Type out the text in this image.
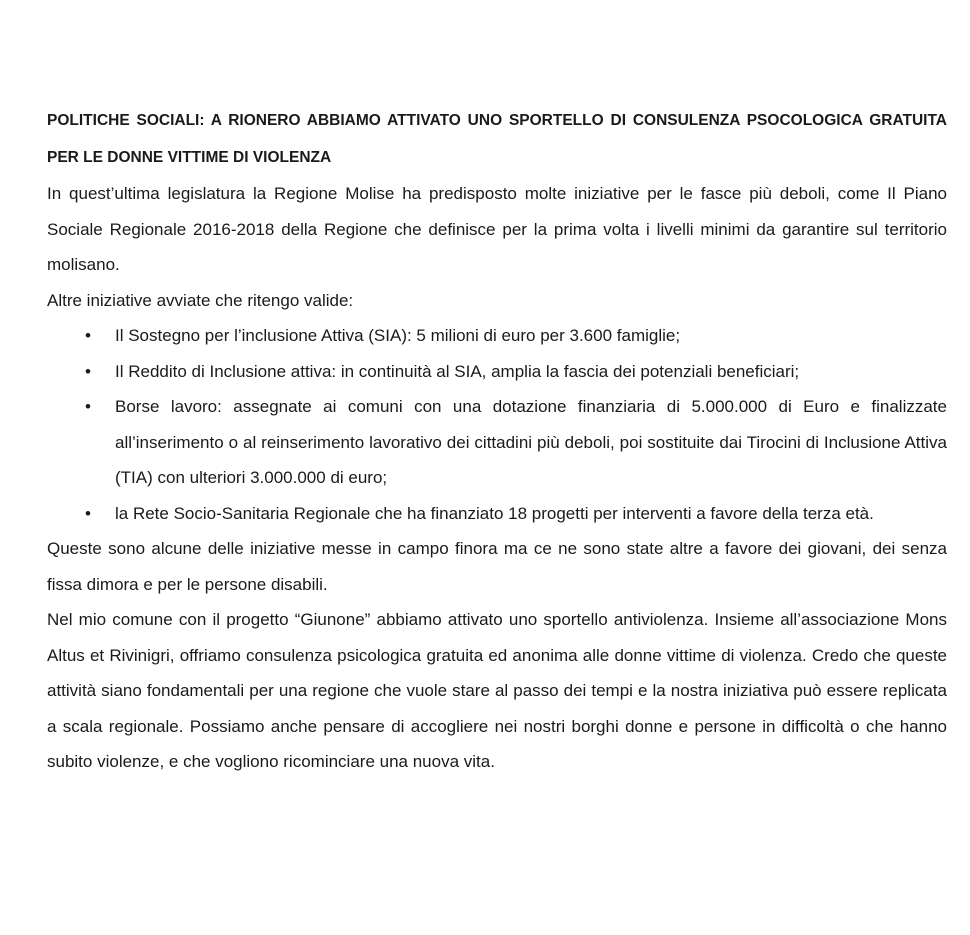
POLITICHE SOCIALI: A RIONERO ABBIAMO ATTIVATO UNO SPORTELLO DI CONSULENZA PSOCOLOGICA GRATUITA PER LE DONNE VITTIME DI VIOLENZA

In quest’ultima legislatura la Regione Molise ha predisposto molte iniziative per le fasce più deboli, come Il Piano Sociale Regionale 2016-2018 della Regione che definisce per la prima volta i livelli minimi da garantire sul territorio molisano.

Altre iniziative avviate che ritengo valide:

• Il Sostegno per l’inclusione Attiva (SIA): 5 milioni di euro per 3.600 famiglie;
• Il Reddito di Inclusione attiva: in continuità al SIA, amplia la fascia dei potenziali beneficiari;
• Borse lavoro: assegnate ai comuni con una dotazione finanziaria di 5.000.000 di Euro e finalizzate all’inserimento o al reinserimento lavorativo dei cittadini più deboli, poi sostituite dai Tirocini di Inclusione Attiva (TIA) con ulteriori 3.000.000 di euro;
• la Rete Socio-Sanitaria Regionale che ha finanziato 18 progetti per interventi a favore della terza età.

Queste sono alcune delle iniziative messe in campo finora ma ce ne sono state altre a favore dei giovani, dei senza fissa dimora e per le persone disabili.

Nel mio comune con il progetto “Giunone” abbiamo attivato uno sportello antiviolenza. Insieme all’associazione Mons Altus et Rivinigri, offriamo consulenza psicologica gratuita ed anonima alle donne vittime di violenza. Credo che queste attività siano fondamentali per una regione che vuole stare al passo dei tempi e la nostra iniziativa può essere replicata a scala regionale. Possiamo anche pensare di accogliere nei nostri borghi donne e persone in difficoltà o che hanno subito violenze, e che vogliono ricominciare una nuova vita.
